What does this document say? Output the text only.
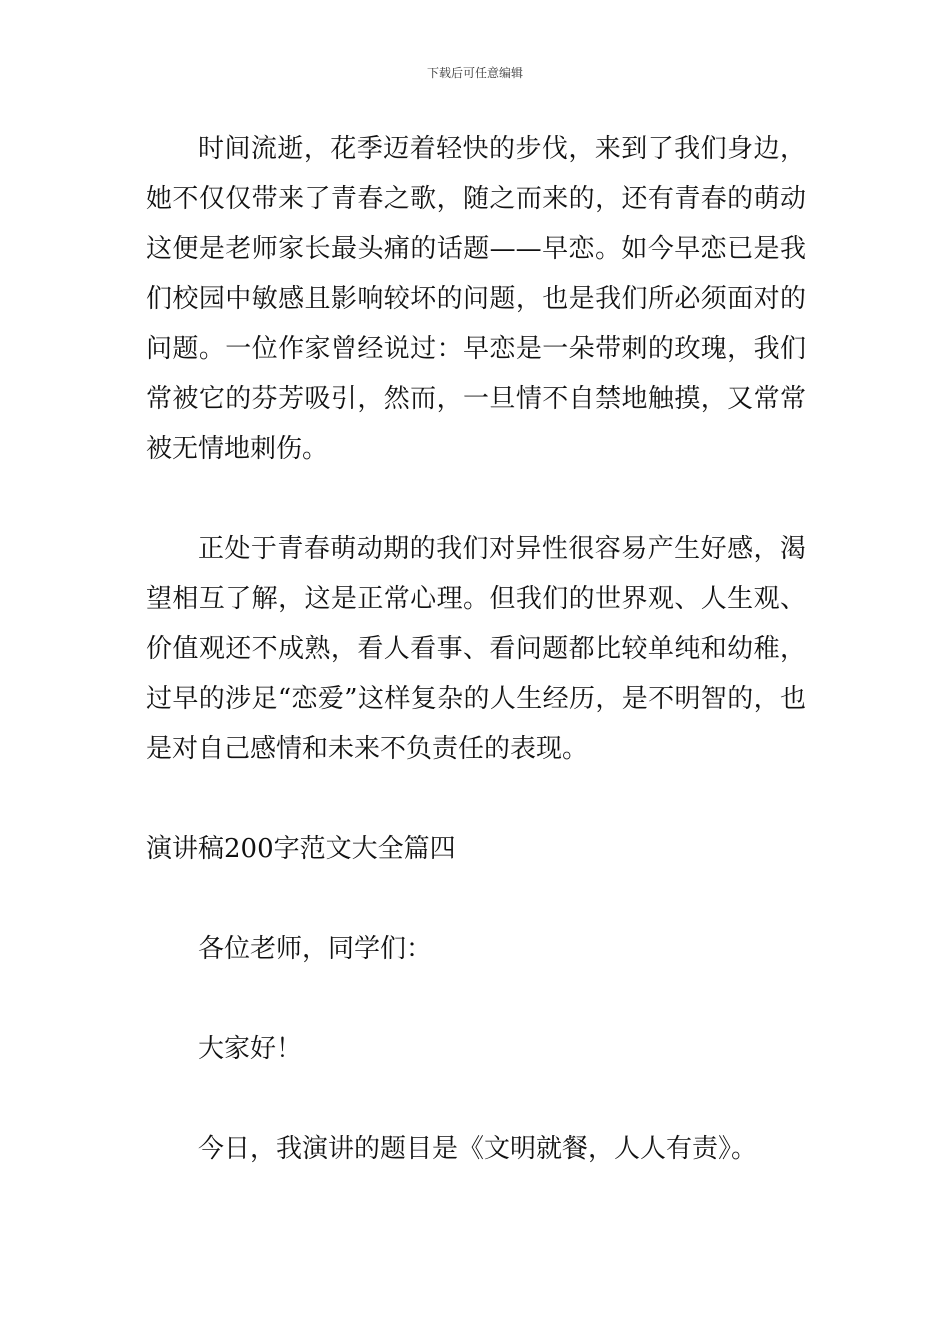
下载后可任意编辑

时间流逝，花季迈着轻快的步伐，来到了我们身边，她不仅仅带来了青春之歌，随之而来的，还有青春的萌动这便是老师家长最头痛的话题——早恋。如今早恋已是我们校园中敏感且影响较坏的问题，也是我们所必须面对的问题。一位作家曾经说过：早恋是一朵带刺的玫瑰，我们常被它的芬芳吸引，然而，一旦情不自禁地触摸，又常常被无情地刺伤。

正处于青春萌动期的我们对异性很容易产生好感，渴望相互了解，这是正常心理。但我们的世界观、人生观、价值观还不成熟，看人看事、看问题都比较单纯和幼稚，过早的涉足“恋爱”这样复杂的人生经历，是不明智的，也是对自己感情和未来不负责任的表现。

演讲稿200字范文大全篇四

各位老师，同学们：

大家好！

今日，我演讲的题目是《文明就餐，人人有责》。
